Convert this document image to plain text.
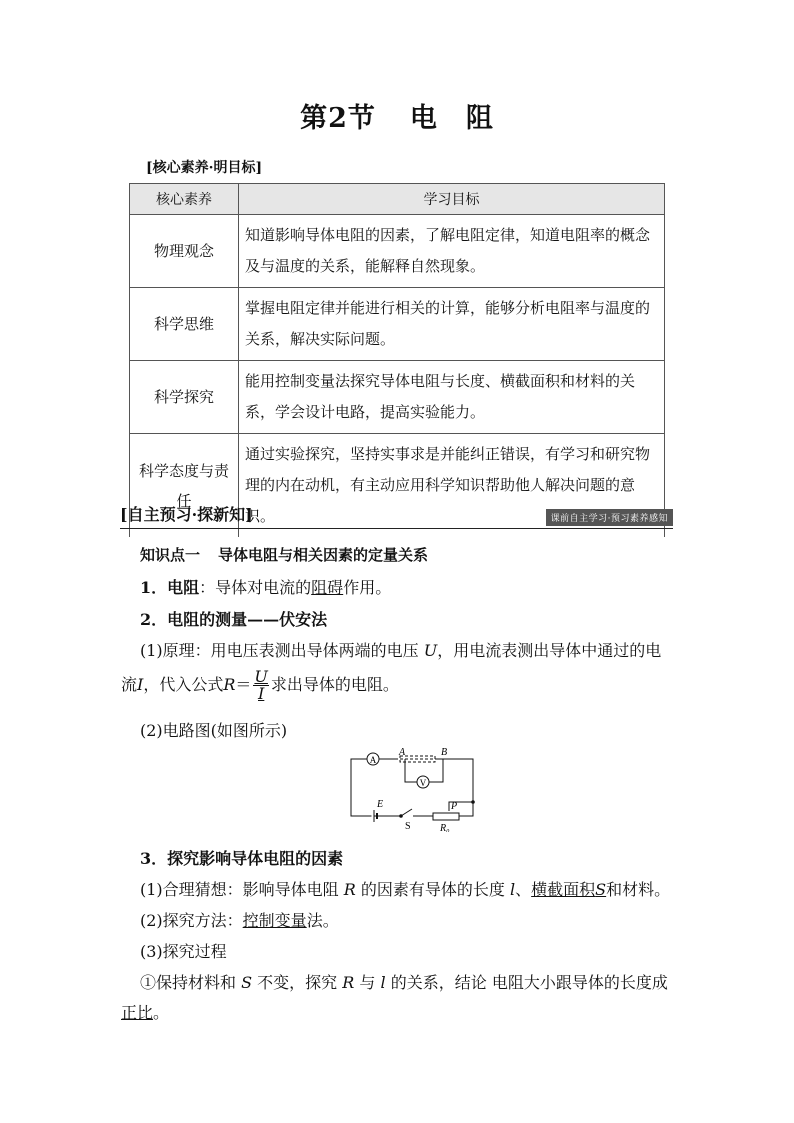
第2节 电　阻
[核心素养·明目标]
核心素养	学习目标
物理观念	知道影响导体电阻的因素，了解电阻定律，知道电阻率的概念及与温度的关系，能解释自然现象。
科学思维	掌握电阻定律并能进行相关的计算，能够分析电阻率与温度的关系，解决实际问题。
科学探究	能用控制变量法探究导体电阻与长度、横截面积和材料的关系，学会设计电路，提高实验能力。
科学态度与责任	通过实验探究，坚持实事求是并能纠正错误，有学习和研究物理的内在动机，有主动应用科学知识帮助他人解决问题的意识。
[自主预习·探新知]	课前自主学习·预习素养感知
知识点一 导体电阻与相关因素的定量关系
1．电阻：导体对电流的阻碍作用。
2．电阻的测量——伏安法
(1)原理：用电压表测出导体两端的电压 U，用电流表测出导体中通过的电
流I，代入公式$R= \frac{U}{I}$ 求出导体的电阻。
(2)电路图(如图所示)
A
V
A	B
E
S
P
R₀
3．探究影响导体电阻的因素
(1)合理猜想：影响导体电阻 R 的因素有导体的长度 l、横截面积S和材料。
(2)探究方法：控制变量法。
(3)探究过程
①保持材料和 S 不变，探究 R 与 l 的关系，结论 电阻大小跟导体的长度成
正比。
